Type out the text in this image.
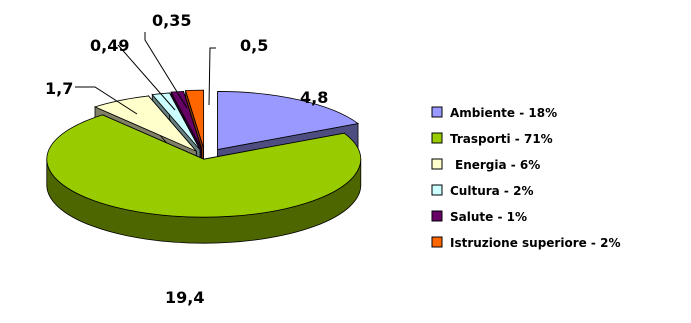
4,8
19,4
1,7
0,49
0,35
0,5
Ambiente - 18%
Trasporti - 71%
Energia - 6%
Cultura - 2%
Salute - 1%
Istruzione superiore - 2%
